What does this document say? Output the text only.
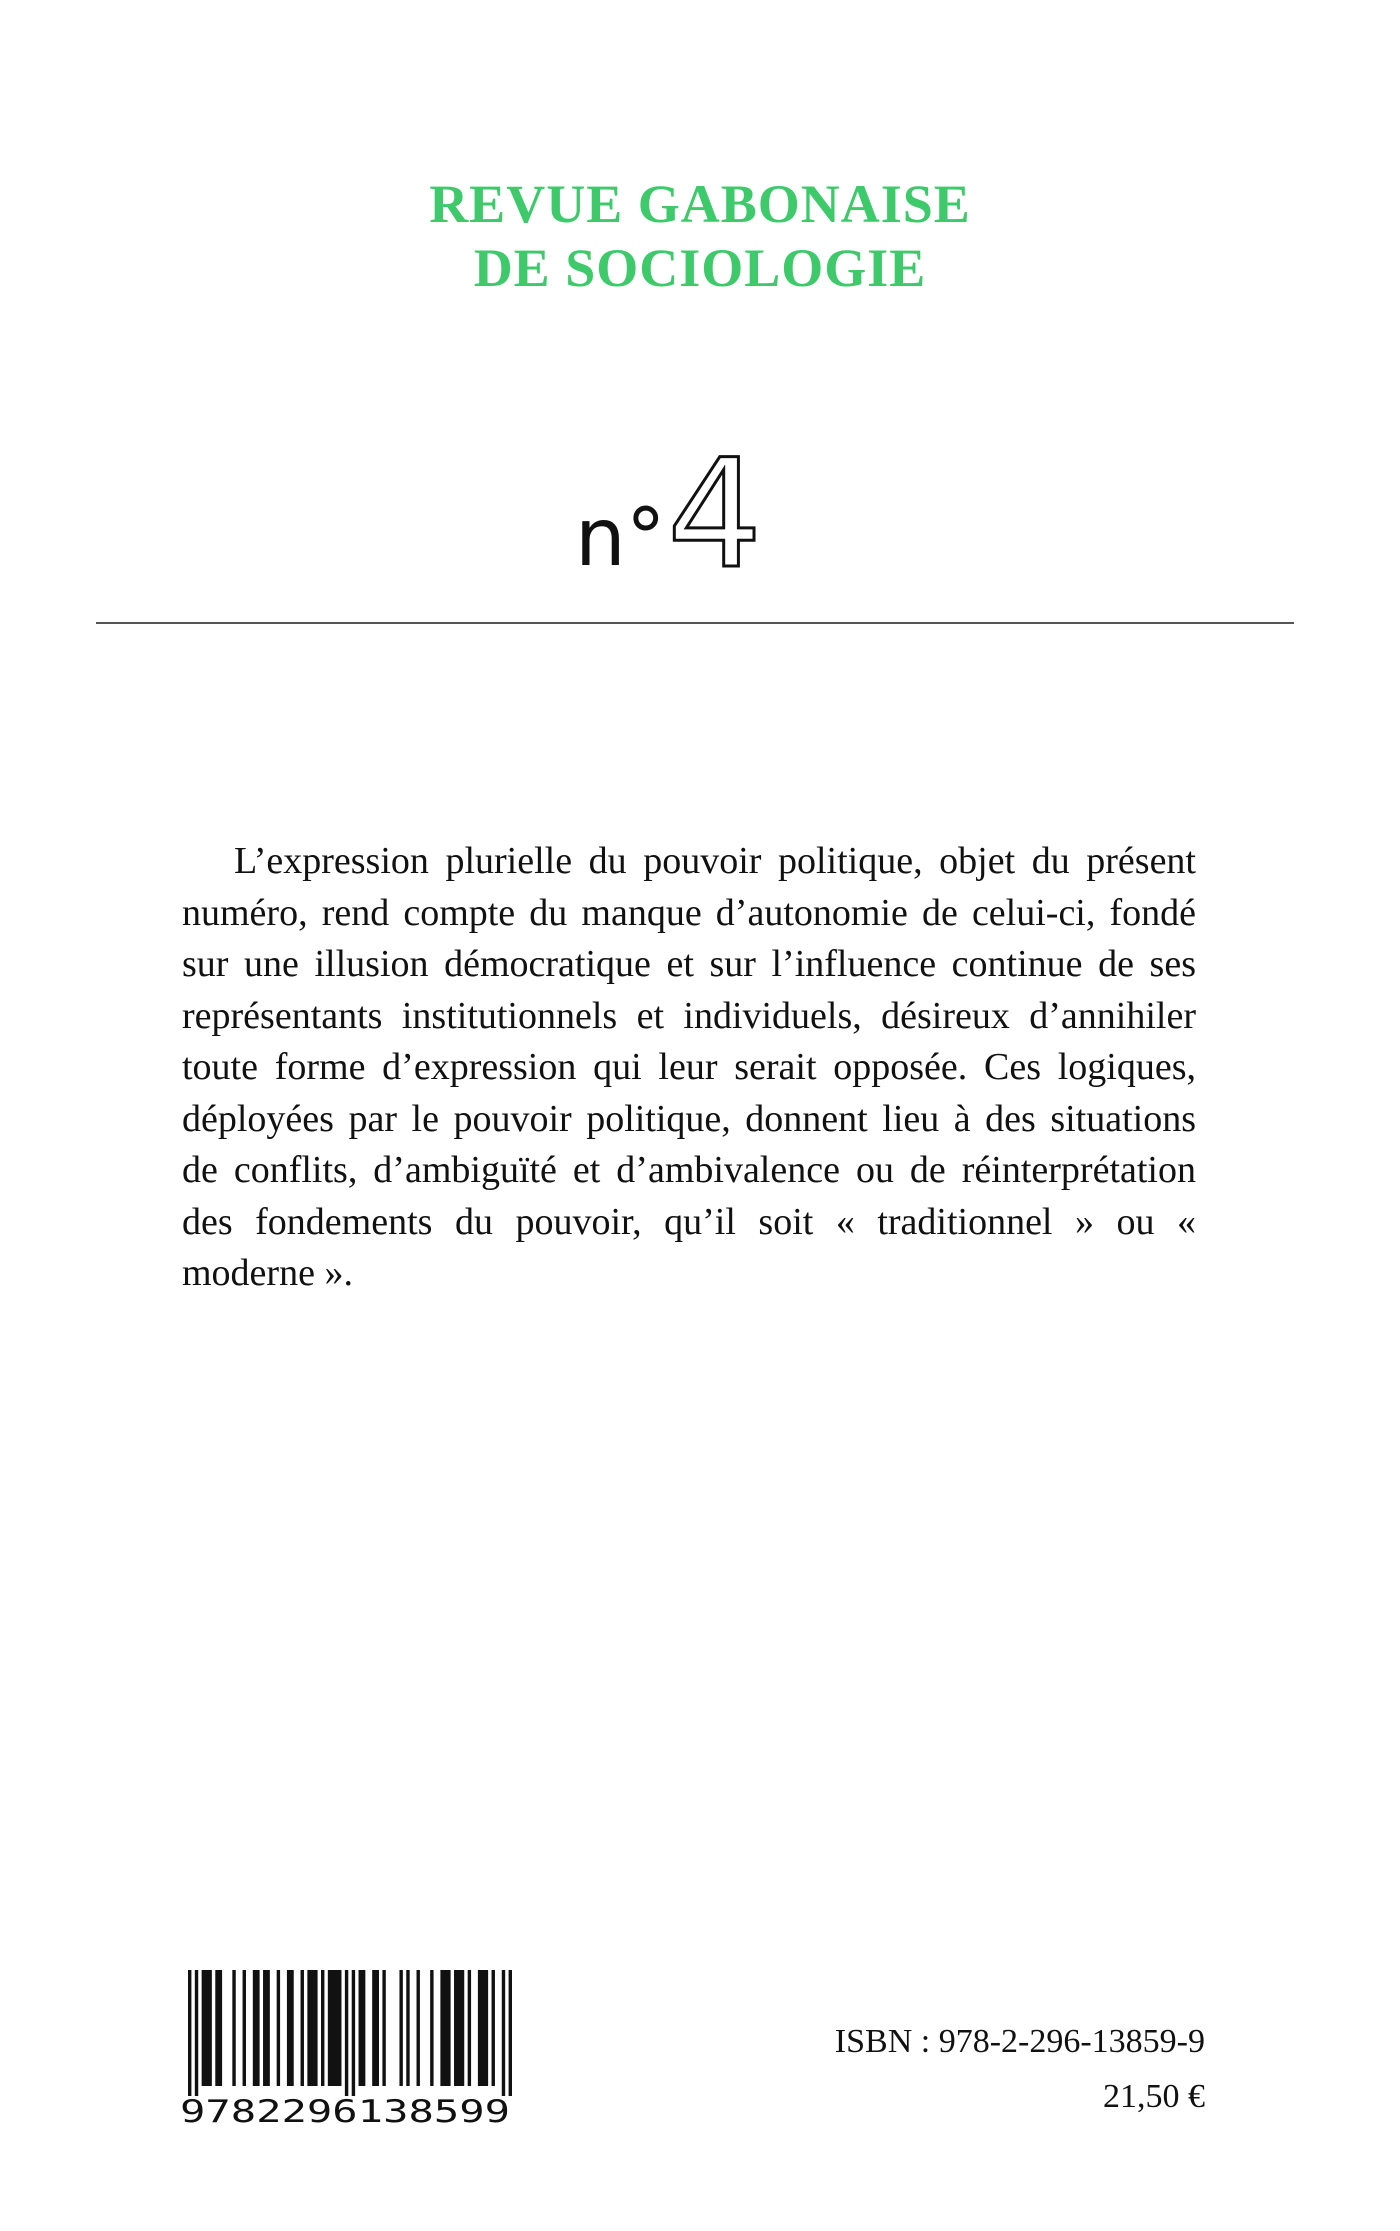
REVUE GABONAISE
DE SOCIOLOGIE
n° 4

L’expression plurielle du pouvoir politique, objet du présent numéro, rend compte du manque d’autonomie de celui-ci, fondé sur une illusion démocratique et sur l’influence continue de ses représentants institutionnels et individuels, désireux d’annihiler toute forme d’expression qui leur serait opposée. Ces logiques, déployées par le pouvoir politique, donnent lieu à des situations de conflits, d’ambiguïté et d’ambivalence ou de réinterprétation des fondements du pouvoir, qu’il soit « traditionnel » ou « moderne ».

9782296138599
ISBN : 978-2-296-13859-9
21,50 €
